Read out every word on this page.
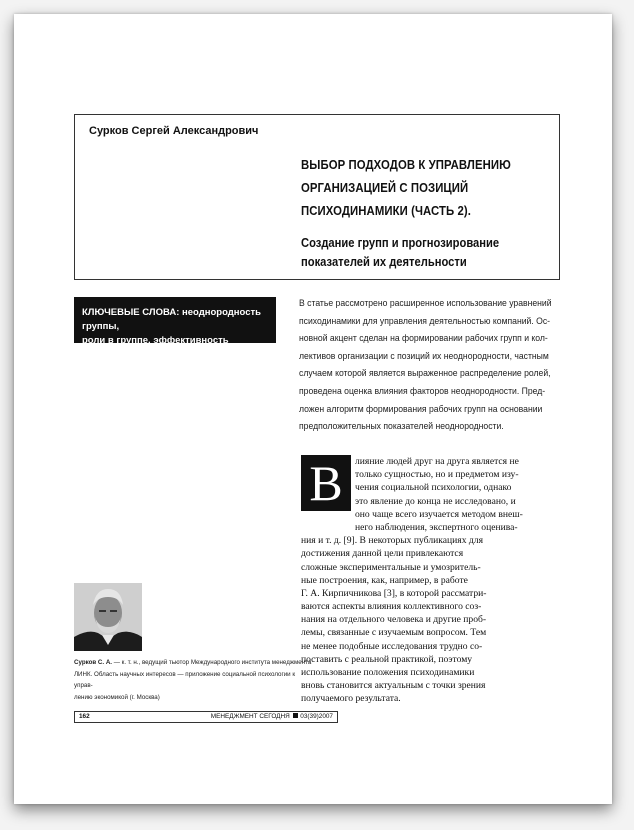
Сурков Сергей Александрович
ВЫБОР ПОДХОДОВ К УПРАВЛЕНИЮ
ОРГАНИЗАЦИЕЙ С ПОЗИЦИЙ
ПСИХОДИНАМИКИ (ЧАСТЬ 2).
Создание групп и прогнозирование
показателей их деятельности
КЛЮЧЕВЫЕ СЛОВА: неоднородность группы,
роли в группе, эффективность организации
В статье рассмотрено расширенное использование уравнений
психодинамики для управления деятельностью компаний. Ос-
новной акцент сделан на формировании рабочих групп и кол-
лективов организации с позиций их неоднородности, частным
случаем которой является выраженное распределение ролей,
проведена оценка влияния факторов неоднородности. Пред-
ложен алгоритм формирования рабочих групп на основании
предположительных показателей неоднородности.
лияние людей друг на друга является не
только сущностью, но и предметом изу-
чения социальной психологии, однако
это явление до конца не исследовано, и
оно чаще всего изучается методом внеш-
него наблюдения, экспертного оценива-
ния и т. д. [9]. В некоторых публикациях для
достижения данной цели привлекаются
сложные экспериментальные и умозритель-
ные построения, как, например, в работе
Г. А. Кирпичникова [3], в которой рассматри-
ваются аспекты влияния коллективного соз-
нания на отдельного человека и другие проб-
лемы, связанные с изучаемым вопросом. Тем
не менее подобные исследования трудно со-
поставить с реальной практикой, поэтому
использование положения психодинамики
вновь становится актуальным с точки зрения
получаемого результата.
В
Сурков С. А. — к. т. н., ведущий тьютор Международного института менеджмента
ЛИНК. Область научных интересов — приложение социальной психологии к управ-
лению экономикой (г. Москва)
162	МЕНЕДЖМЕНТ СЕГОДНЯ 03(39)2007
